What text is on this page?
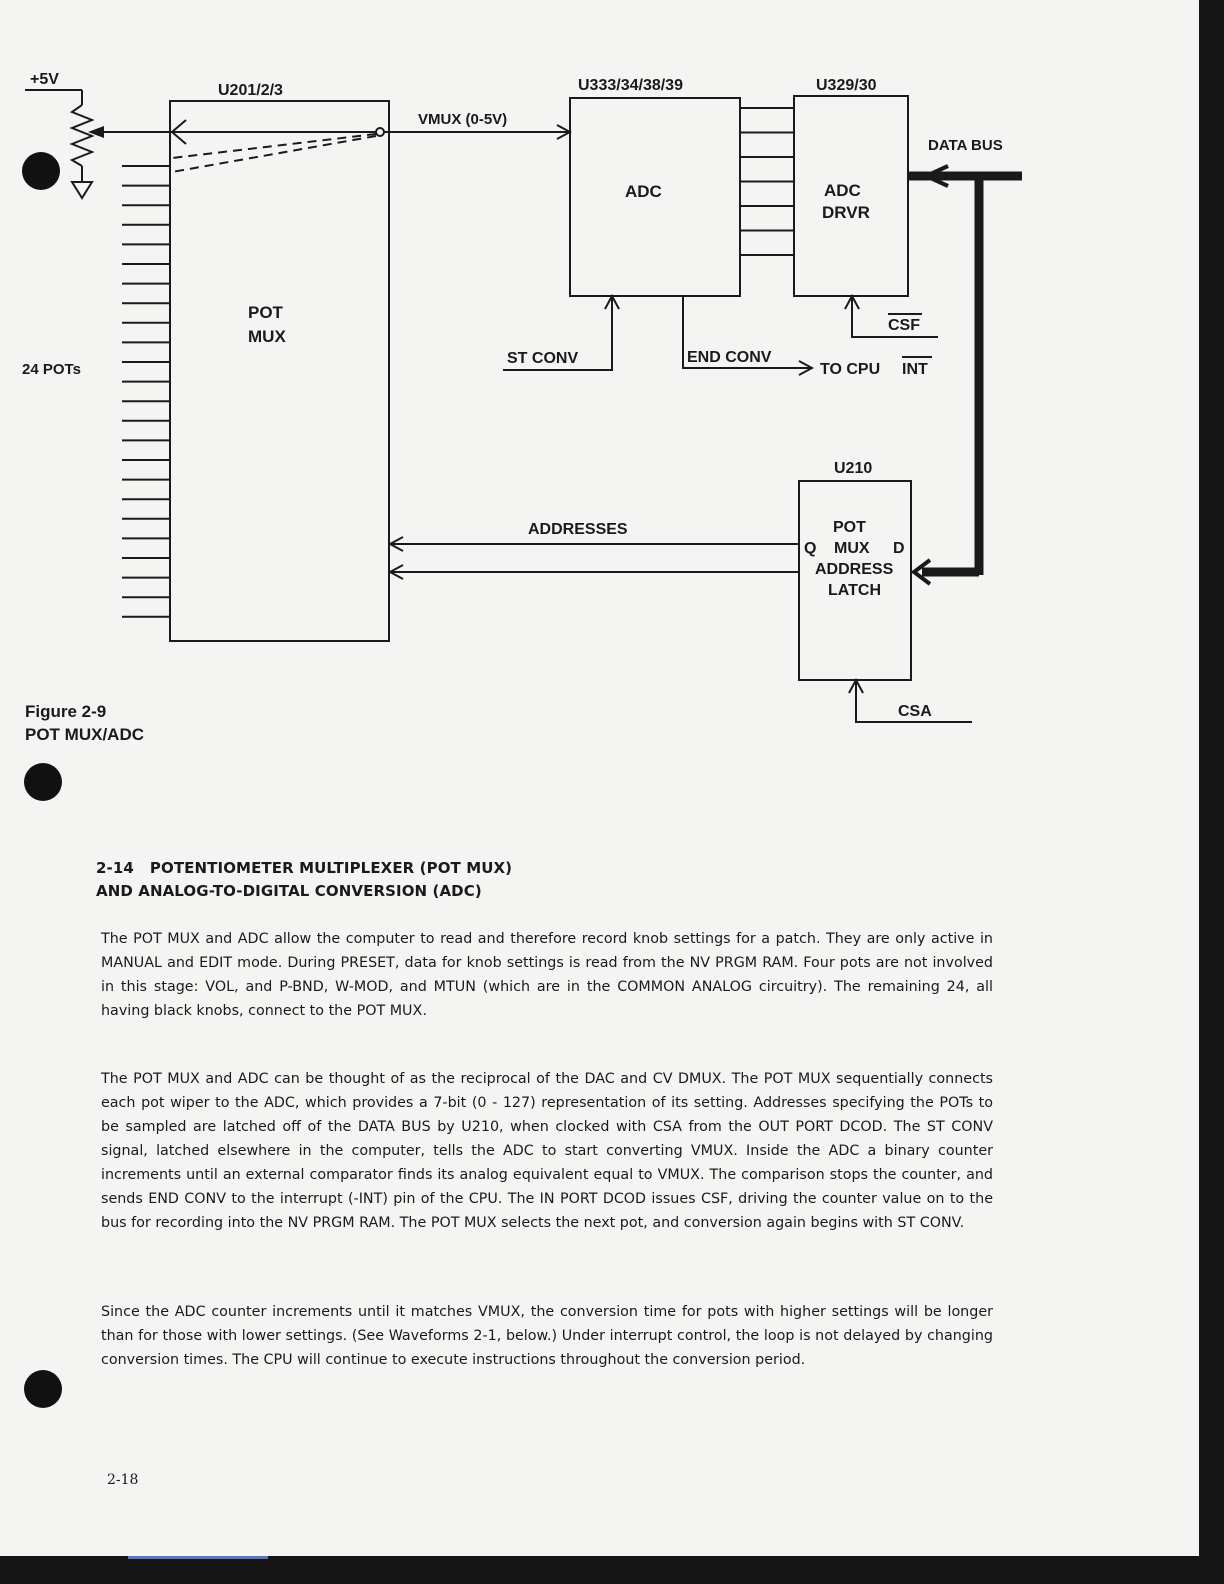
+5V
U201/2/3
POT
MUX
24 POTs
VMUX (0-5V)
U333/34/38/39
ADC
U329/30
ADC
DRVR
DATA BUS
CSF
ST CONV	END CONV
TO CPU INT
U210
POT
Q MUX D
ADDRESS
LATCH
ADDRESSES
CSA
Figure 2-9
POT MUX/ADC
2-14   POTENTIOMETER MULTIPLEXER (POT MUX)
AND ANALOG-TO-DIGITAL CONVERSION (ADC)

The POT MUX and ADC allow the computer to read and therefore record knob settings for a patch. They are only active in MANUAL and EDIT mode. During PRESET, data for knob settings is read from the NV PRGM RAM. Four pots are not involved in this stage: VOL, and P-BND, W-MOD, and MTUN (which are in the COMMON ANALOG circuitry). The remaining 24, all having black knobs, connect to the POT MUX.

The POT MUX and ADC can be thought of as the reciprocal of the DAC and CV DMUX. The POT MUX sequentially connects each pot wiper to the ADC, which provides a 7-bit (0 - 127) representation of its setting. Addresses specifying the POTs to be sampled are latched off of the DATA BUS by U210, when clocked with CSA from the OUT PORT DCOD. The ST CONV signal, latched elsewhere in the computer, tells the ADC to start converting VMUX. Inside the ADC a binary counter increments until an external comparator finds its analog equivalent equal to VMUX. The comparison stops the counter, and sends END CONV to the interrupt (-INT) pin of the CPU. The IN PORT DCOD issues CSF, driving the counter value on to the bus for recording into the NV PRGM RAM. The POT MUX selects the next pot, and conversion again begins with ST CONV.

Since the ADC counter increments until it matches VMUX, the conversion time for pots with higher settings will be longer than for those with lower settings. (See Waveforms 2-1, below.) Under interrupt control, the loop is not delayed by changing conversion times. The CPU will continue to execute instructions throughout the conversion period.

2-18
